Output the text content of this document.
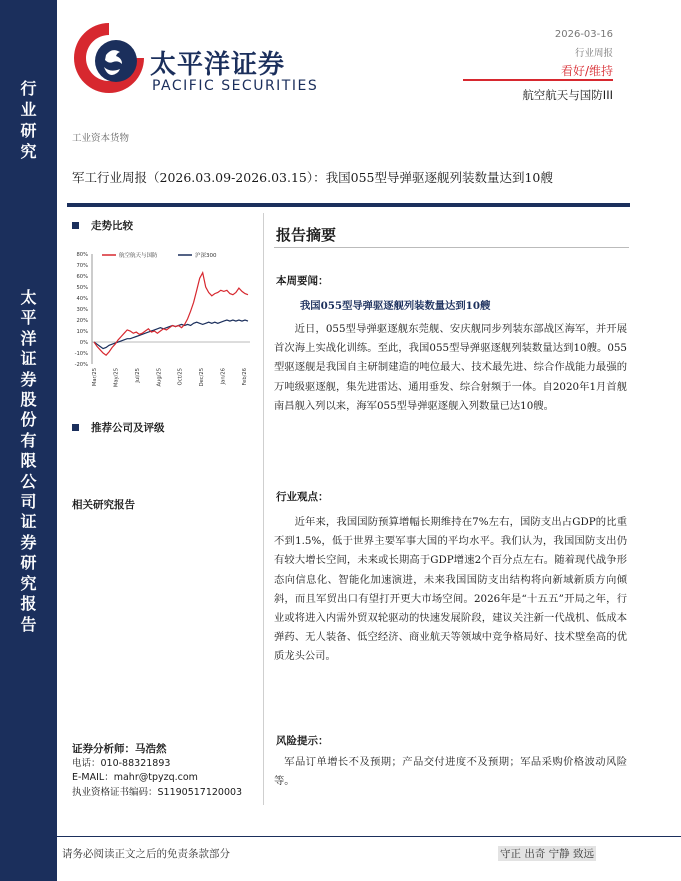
行
业
研
究
太
平
洋
证
券
股
份
有
限
公
司
证
券
研
究
报
告
太平洋证券
PACIFIC SECURITIES
2026-03-16
行业周报
看好/维持
航空航天与国防III
工业资本货物
军工行业周报（2026.03.09-2026.03.15）：我国055型导弹驱逐舰列装数量达到10艘
走势比较
航空航天与国防	沪深300
80%
70%
60%
50%
40%
30%
20%
10%
0%
-10%
-20%
Mar/25	May/25	Jul/25	Aug/25	Oct/25	Dec/25	Jan/26	Feb/26
推荐公司及评级
相关研究报告
证券分析师：马浩然
电话：010-88321893
E-MAIL：mahr@tpyzq.com
执业资格证书编码：S1190517120003
报告摘要
本周要闻：
我国055型导弹驱逐舰列装数量达到10艘
近日，055型导弹驱逐舰东莞舰、安庆舰同步列装东部战区海军，并开展首次海上实战化训练。至此，我国055型导弹驱逐舰列装数量达到10艘。055型驱逐舰是我国自主研制建造的吨位最大、技术最先进、综合作战能力最强的万吨级驱逐舰，集先进雷达、通用垂发、综合射频于一体。自2020年1月首舰南昌舰入列以来，海军055型导弹驱逐舰入列数量已达10艘。
行业观点：
近年来，我国国防预算增幅长期维持在7%左右，国防支出占GDP的比重不到1.5%，低于世界主要军事大国的平均水平。我们认为，我国国防支出仍有较大增长空间，未来或长期高于GDP增速2个百分点左右。随着现代战争形态向信息化、智能化加速演进，未来我国国防支出结构将向新域新质方向倾斜，而且军贸出口有望打开更大市场空间。2026年是“十五五”开局之年，行业或将进入内需外贸双轮驱动的快速发展阶段，建议关注新一代战机、低成本弹药、无人装备、低空经济、商业航天等领域中竞争格局好、技术壁垒高的优质龙头公司。
风险提示：
军品订单增长不及预期；产品交付进度不及预期；军品采购价格波动风险等。
请务必阅读正文之后的免责条款部分	守正 出奇 宁静 致远
